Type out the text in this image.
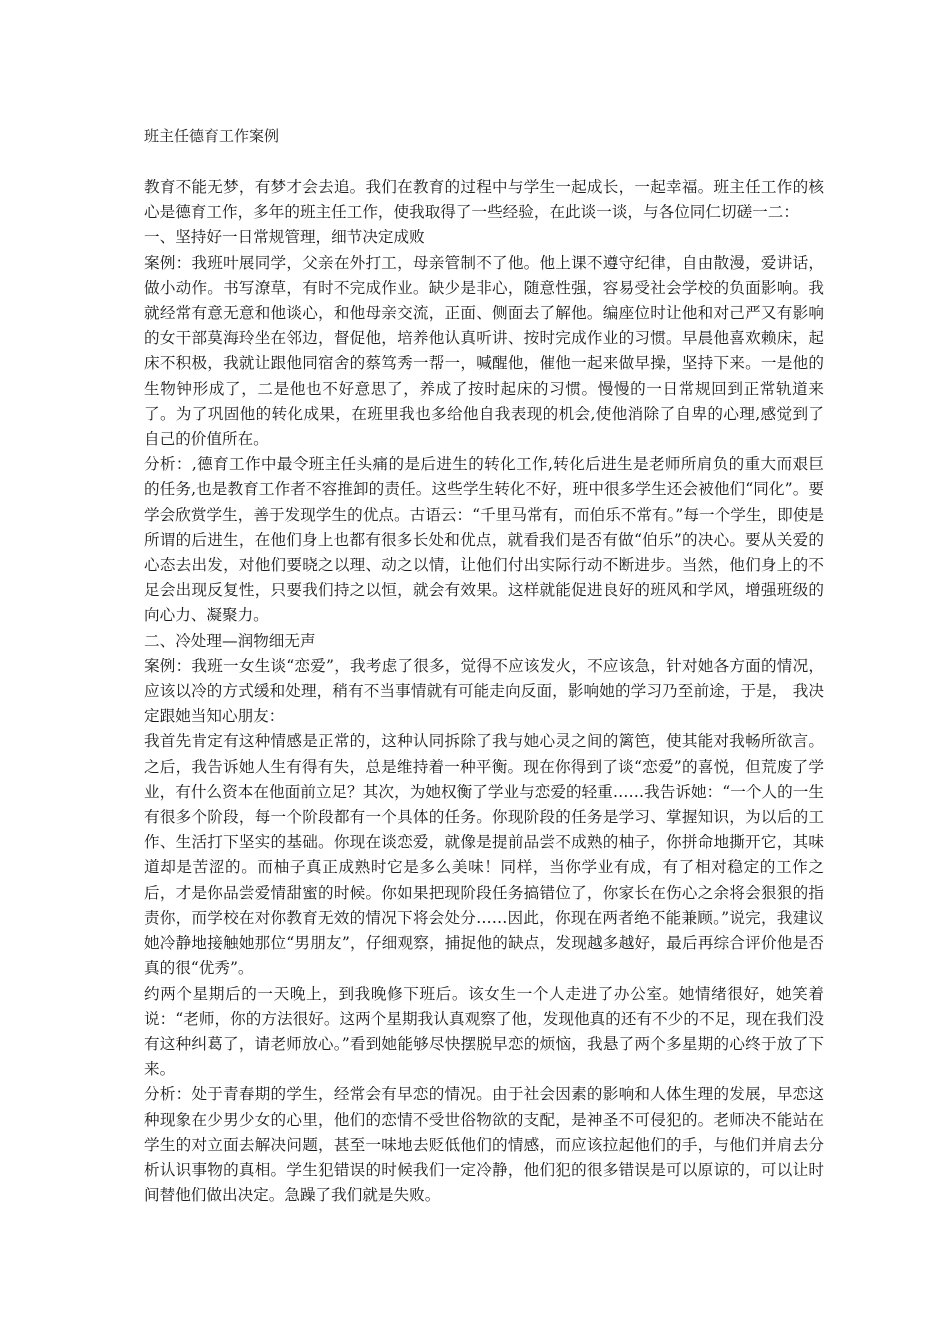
班主任德育工作案例

教育不能无梦，有梦才会去追。我们在教育的过程中与学生一起成长，一起幸福。班主任工作的核心是德育工作，多年的班主任工作，使我取得了一些经验，在此谈一谈，与各位同仁切磋一二：

一、坚持好一日常规管理，细节决定成败

案例：我班叶展同学，父亲在外打工，母亲管制不了他。他上课不遵守纪律，自由散漫，爱讲话，做小动作。书写潦草，有时不完成作业。缺少是非心，随意性强，容易受社会学校的负面影响。我就经常有意无意和他谈心，和他母亲交流，正面、侧面去了解他。编座位时让他和对己严又有影响的女干部莫海玲坐在邻边，督促他，培养他认真听讲、按时完成作业的习惯。早晨他喜欢赖床，起床不积极，我就让跟他同宿舍的蔡笃秀一帮一，喊醒他，催他一起来做早操，坚持下来。一是他的生物钟形成了，二是他也不好意思了，养成了按时起床的习惯。慢慢的一日常规回到正常轨道来了。为了巩固他的转化成果，在班里我也多给他自我表现的机会,使他消除了自卑的心理,感觉到了自己的价值所在。

分析：,德育工作中最令班主任头痛的是后进生的转化工作,转化后进生是老师所肩负的重大而艰巨的任务,也是教育工作者不容推卸的责任。这些学生转化不好，班中很多学生还会被他们“同化”。要学会欣赏学生，善于发现学生的优点。古语云：“千里马常有，而伯乐不常有。”每一个学生，即使是所谓的后进生，在他们身上也都有很多长处和优点，就看我们是否有做“伯乐”的决心。要从关爱的心态去出发，对他们要晓之以理、动之以情，让他们付出实际行动不断进步。当然，他们身上的不足会出现反复性，只要我们持之以恒，就会有效果。这样就能促进良好的班风和学风，增强班级的向心力、凝聚力。

二、冷处理—润物细无声

案例：我班一女生谈“恋爱”，我考虑了很多，觉得不应该发火，不应该急，针对她各方面的情况，应该以冷的方式缓和处理，稍有不当事情就有可能走向反面，影响她的学习乃至前途，于是， 我决定跟她当知心朋友：

我首先肯定有这种情感是正常的，这种认同拆除了我与她心灵之间的篱笆，使其能对我畅所欲言。之后，我告诉她人生有得有失，总是维持着一种平衡。现在你得到了谈“恋爱”的喜悦，但荒废了学业，有什么资本在他面前立足？其次，为她权衡了学业与恋爱的轻重……我告诉她：“一个人的一生有很多个阶段，每一个阶段都有一个具体的任务。你现阶段的任务是学习、掌握知识，为以后的工作、生活打下坚实的基础。你现在谈恋爱，就像是提前品尝不成熟的柚子，你拼命地撕开它，其味道却是苦涩的。而柚子真正成熟时它是多么美味！同样，当你学业有成，有了相对稳定的工作之后，才是你品尝爱情甜蜜的时候。你如果把现阶段任务搞错位了，你家长在伤心之余将会狠狠的指责你，而学校在对你教育无效的情况下将会处分……因此，你现在两者绝不能兼顾。”说完，我建议她冷静地接触她那位“男朋友”，仔细观察，捕捉他的缺点，发现越多越好，最后再综合评价他是否真的很“优秀”。

约两个星期后的一天晚上，到我晚修下班后。该女生一个人走进了办公室。她情绪很好，她笑着说：“老师，你的方法很好。这两个星期我认真观察了他，发现他真的还有不少的不足，现在我们没有这种纠葛了，请老师放心。”看到她能够尽快摆脱早恋的烦恼，我悬了两个多星期的心终于放了下来。

分析：处于青春期的学生，经常会有早恋的情况。由于社会因素的影响和人体生理的发展，早恋这种现象在少男少女的心里，他们的恋情不受世俗物欲的支配，是神圣不可侵犯的。老师决不能站在学生的对立面去解决问题，甚至一味地去贬低他们的情感，而应该拉起他们的手，与他们并肩去分析认识事物的真相。学生犯错误的时候我们一定冷静，他们犯的很多错误是可以原谅的，可以让时间替他们做出决定。急躁了我们就是失败。
